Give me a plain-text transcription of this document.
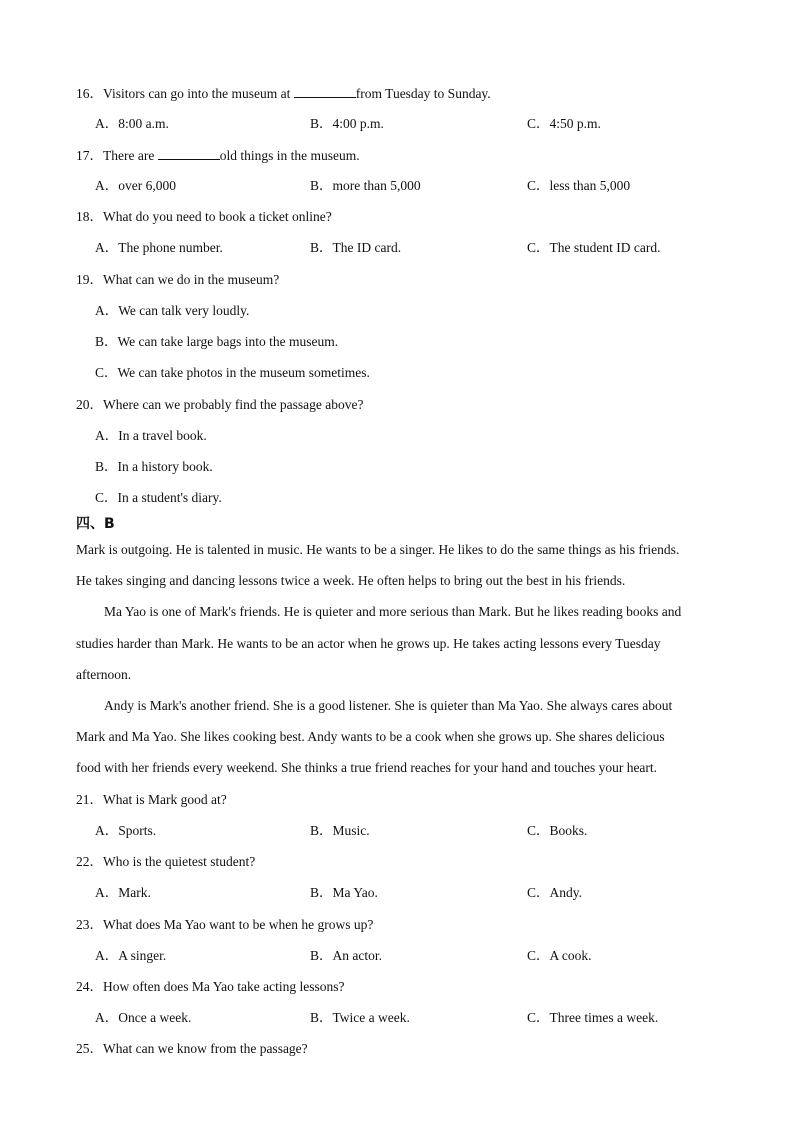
16．Visitors can go into the museum at	from Tuesday to Sunday.
A．8:00 a.m.	B．4:00 p.m.	C．4:50 p.m.
17．There are	old things in the museum.
A．over 6,000	B．more than 5,000	C．less than 5,000
18．What do you need to book a ticket online?
A．The phone number.	B．The ID card.	C．The student ID card.
19．What can we do in the museum?
A．We can talk very loudly.
B．We can take large bags into the museum.
C．We can take photos in the museum sometimes.
20．Where can we probably find the passage above?
A．In a travel book.
B．In a history book.
C．In a student's diary.
四、B
Mark is outgoing. He is talented in music. He wants to be a singer. He likes to do the same things as his friends.
He takes singing and dancing lessons twice a week. He often helps to bring out the best in his friends.
Ma Yao is one of Mark's friends. He is quieter and more serious than Mark. But he likes reading books and
studies harder than Mark. He wants to be an actor when he grows up. He takes acting lessons every Tuesday
afternoon.
Andy is Mark's another friend. She is a good listener. She is quieter than Ma Yao. She always cares about
Mark and Ma Yao. She likes cooking best. Andy wants to be a cook when she grows up. She shares delicious
food with her friends every weekend. She thinks a true friend reaches for your hand and touches your heart.
21．What is Mark good at?
A．Sports.	B．Music.	C．Books.
22．Who is the quietest student?
A．Mark.	B．Ma Yao.	C．Andy.
23．What does Ma Yao want to be when he grows up?
A．A singer.	B．An actor.	C．A cook.
24．How often does Ma Yao take acting lessons?
A．Once a week.	B．Twice a week.	C．Three times a week.
25．What can we know from the passage?
